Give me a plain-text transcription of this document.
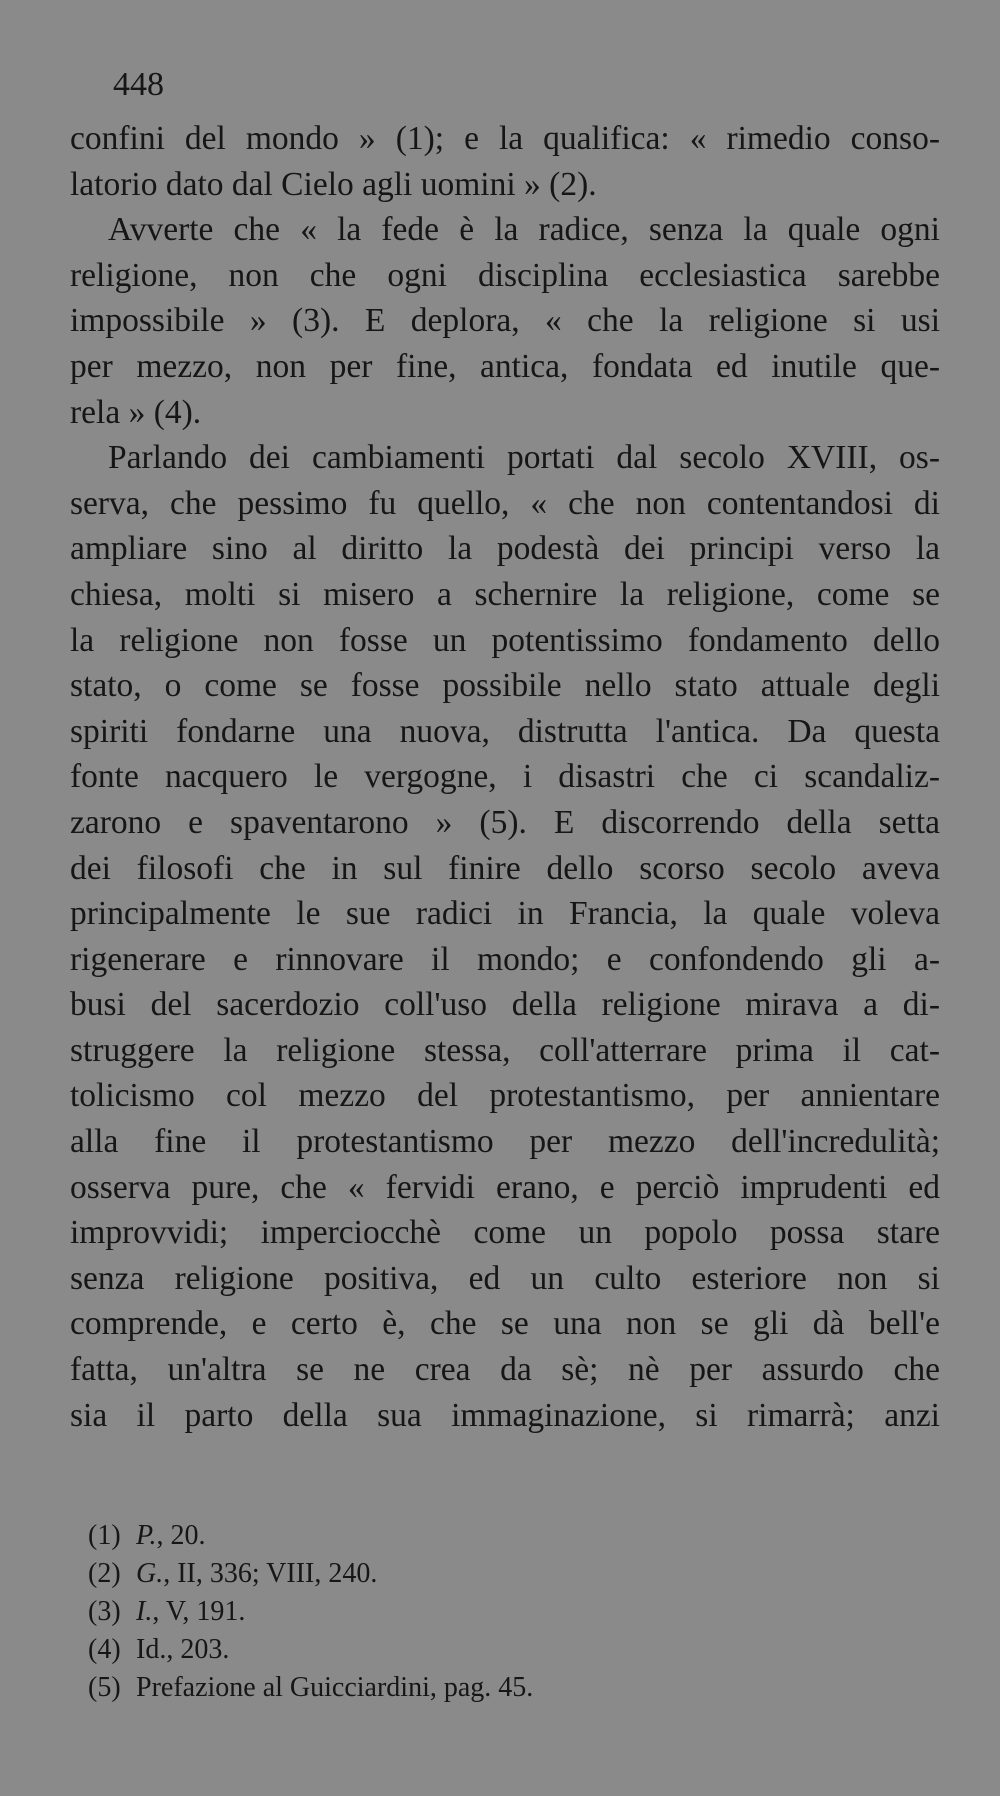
448
confini del mondo » (1); e la qualifica: « rimedio conso-
latorio dato dal Cielo agli uomini » (2).
Avverte che « la fede è la radice, senza la quale ogni
religione, non che ogni disciplina ecclesiastica sarebbe
impossibile » (3). E deplora, « che la religione si usi
per mezzo, non per fine, antica, fondata ed inutile que-
rela » (4).
Parlando dei cambiamenti portati dal secolo XVIII, os-
serva, che pessimo fu quello, « che non contentandosi di
ampliare sino al diritto la podestà dei principi verso la
chiesa, molti si misero a schernire la religione, come se
la religione non fosse un potentissimo fondamento dello
stato, o come se fosse possibile nello stato attuale degli
spiriti fondarne una nuova, distrutta l'antica. Da questa
fonte nacquero le vergogne, i disastri che ci scandaliz-
zarono e spaventarono » (5). E discorrendo della setta
dei filosofi che in sul finire dello scorso secolo aveva
principalmente le sue radici in Francia, la quale voleva
rigenerare e rinnovare il mondo; e confondendo gli a-
busi del sacerdozio coll'uso della religione mirava a di-
struggere la religione stessa, coll'atterrare prima il cat-
tolicismo col mezzo del protestantismo, per annientare
alla fine il protestantismo per mezzo dell'incredulità;
osserva pure, che « fervidi erano, e perciò imprudenti ed
improvvidi; imperciocchè come un popolo possa stare
senza religione positiva, ed un culto esteriore non si
comprende, e certo è, che se una non se gli dà bell'e
fatta, un'altra se ne crea da sè; nè per assurdo che
sia il parto della sua immaginazione, si rimarrà; anzi
(1) P., 20.
(2) G., II, 336; VIII, 240.
(3) I., V, 191.
(4) Id., 203.
(5) Prefazione al Guicciardini, pag. 45.
